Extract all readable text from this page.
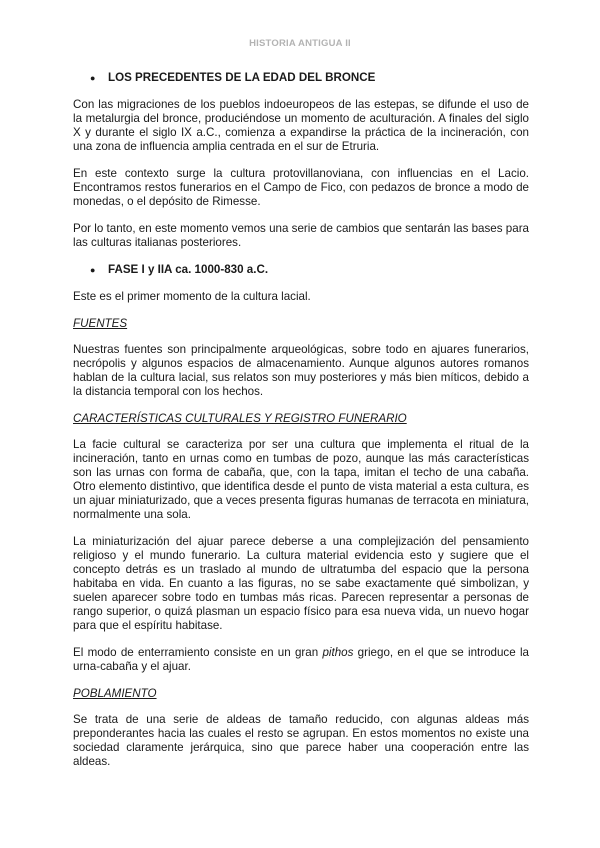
HISTORIA ANTIGUA II
●	LOS PRECEDENTES DE LA EDAD DEL BRONCE

Con las migraciones de los pueblos indoeuropeos de las estepas, se difunde el uso de la metalurgia del bronce, produciéndose un momento de aculturación. A finales del siglo X y durante el siglo IX a.C., comienza a expandirse la práctica de la incineración, con una zona de influencia amplia centrada en el sur de Etruria.

En este contexto surge la cultura protovillanoviana, con influencias en el Lacio. Encontramos restos funerarios en el Campo de Fico, con pedazos de bronce a modo de monedas, o el depósito de Rimesse.

Por lo tanto, en este momento vemos una serie de cambios que sentarán las bases para las culturas italianas posteriores.

●	FASE I y IIA ca. 1000-830 a.C.

Este es el primer momento de la cultura lacial.

FUENTES

Nuestras fuentes son principalmente arqueológicas, sobre todo en ajuares funerarios, necrópolis y algunos espacios de almacenamiento. Aunque algunos autores romanos hablan de la cultura lacial, sus relatos son muy posteriores y más bien míticos, debido a la distancia temporal con los hechos.

CARACTERÍSTICAS CULTURALES Y REGISTRO FUNERARIO

La facie cultural se caracteriza por ser una cultura que implementa el ritual de la incineración, tanto en urnas como en tumbas de pozo, aunque las más características son las urnas con forma de cabaña, que, con la tapa, imitan el techo de una cabaña. Otro elemento distintivo, que identifica desde el punto de vista material a esta cultura, es un ajuar miniaturizado, que a veces presenta figuras humanas de terracota en miniatura, normalmente una sola.

La miniaturización del ajuar parece deberse a una complejización del pensamiento religioso y el mundo funerario. La cultura material evidencia esto y sugiere que el concepto detrás es un traslado al mundo de ultratumba del espacio que la persona habitaba en vida. En cuanto a las figuras, no se sabe exactamente qué simbolizan, y suelen aparecer sobre todo en tumbas más ricas. Parecen representar a personas de rango superior, o quizá plasman un espacio físico para esa nueva vida, un nuevo hogar para que el espíritu habitase.

El modo de enterramiento consiste en un gran pithos griego, en el que se introduce la urna-cabaña y el ajuar.

POBLAMIENTO

Se trata de una serie de aldeas de tamaño reducido, con algunas aldeas más preponderantes hacia las cuales el resto se agrupan. En estos momentos no existe una sociedad claramente jerárquica, sino que parece haber una cooperación entre las aldeas.
